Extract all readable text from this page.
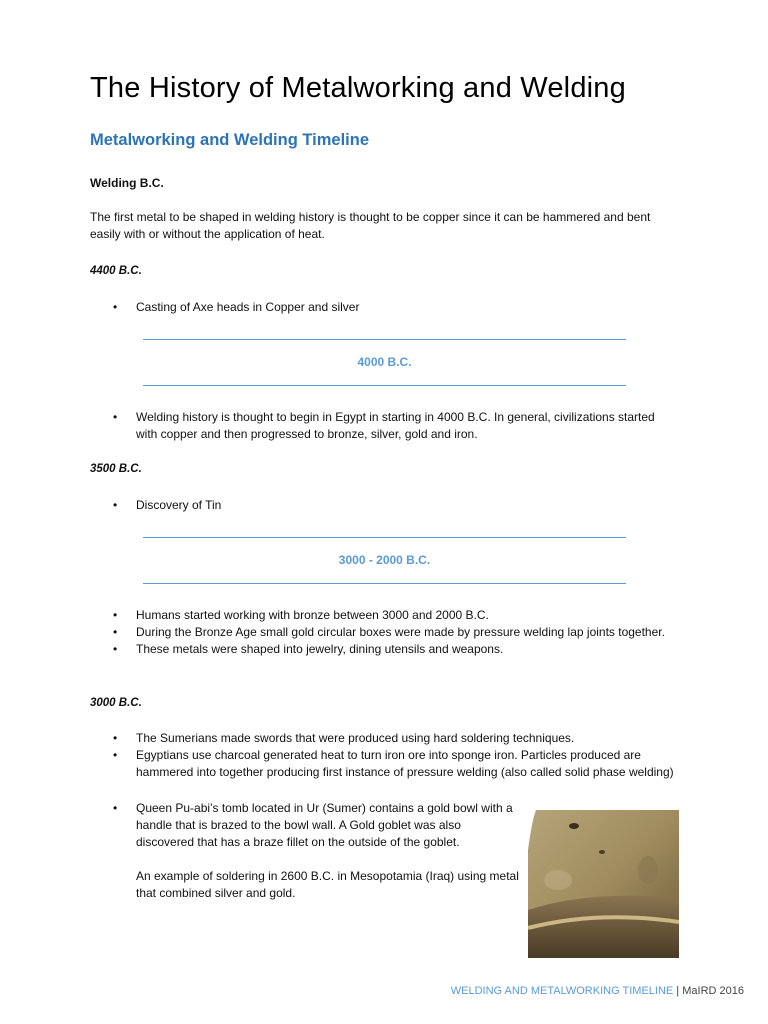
The History of Metalworking and Welding
Metalworking and Welding Timeline

Welding B.C.

The first metal to be shaped in welding history is thought to be copper since it can be hammered and bent easily with or without the application of heat.

4400 B.C.

• Casting of Axe heads in Copper and silver
4000 B.C.
• Welding history is thought to begin in Egypt in starting in 4000 B.C. In general, civilizations started with copper and then progressed to bronze, silver, gold and iron.

3500 B.C.

• Discovery of Tin
3000 - 2000 B.C.
• Humans started working with bronze between 3000 and 2000 B.C.
• During the Bronze Age small gold circular boxes were made by pressure welding lap joints together.
• These metals were shaped into jewelry, dining utensils and weapons.

3000 B.C.

• The Sumerians made swords that were produced using hard soldering techniques.
• Egyptians use charcoal generated heat to turn iron ore into sponge iron. Particles produced are hammered into together producing first instance of pressure welding (also called solid phase welding)
• Queen Pu-abi’s tomb located in Ur (Sumer) contains a gold bowl with a handle that is brazed to the bowl wall. A Gold goblet was also discovered that has a braze fillet on the outside of the goblet.
An example of soldering in 2600 B.C. in Mesopotamia (Iraq) using metal that combined silver and gold.
WELDING AND METALWORKING TIMELINE | MaIRD 2016
